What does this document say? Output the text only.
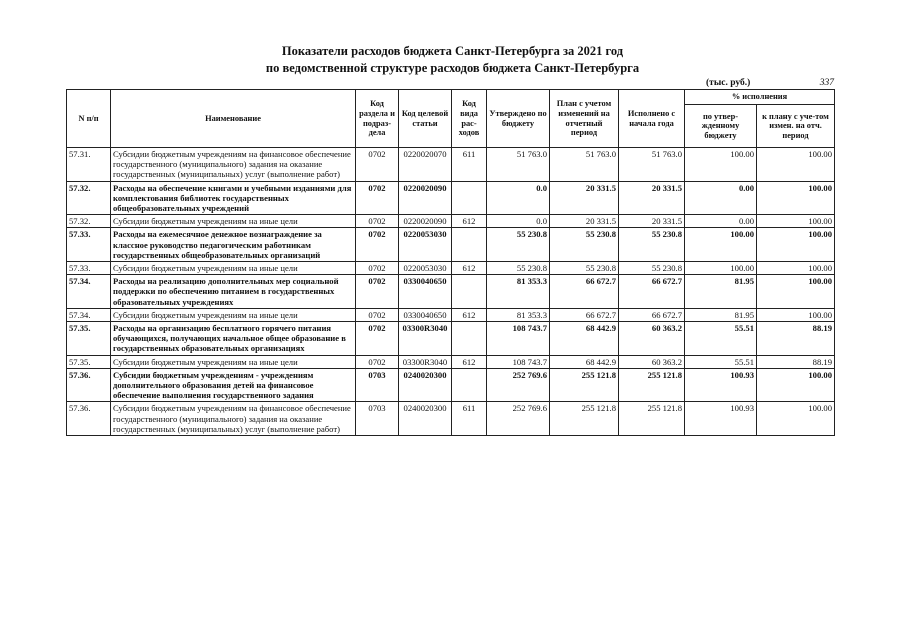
Показатели расходов бюджета Санкт-Петербурга за 2021 год
по ведомственной структуре расходов бюджета Санкт-Петербурга
(тыс. руб.)	337
N п/п	Наименование	Код раздела и подраз-дела	Код целевой статьи	Код вида рас-ходов	Утверждено по бюджету	План с учетом изменений на отчетный период	Исполнено с начала года	% исполнения	
								по утвер-жденному бюджету	к плану с уче-том измен. на отч. период
57.31.	Субсидии бюджетным учреждениям на финансовое обеспечение государственного (муниципального) задания на оказание государственных (муниципальных) услуг (выполнение работ)	0702	0220020070	611	51 763.0	51 763.0	51 763.0	100.00	100.00
57.32.	Расходы на обеспечение книгами и учебными изданиями для комплектования библиотек государственных общеобразовательных учреждений	0702	0220020090		0.0	20 331.5	20 331.5	0.00	100.00
57.32.	Субсидии бюджетным учреждениям на иные цели	0702	0220020090	612	0.0	20 331.5	20 331.5	0.00	100.00
57.33.	Расходы на ежемесячное денежное вознаграждение за классное руководство педагогическим работникам государственных общеобразовательных организаций	0702	0220053030		55 230.8	55 230.8	55 230.8	100.00	100.00
57.33.	Субсидии бюджетным учреждениям на иные цели	0702	0220053030	612	55 230.8	55 230.8	55 230.8	100.00	100.00
57.34.	Расходы на реализацию дополнительных мер социальной поддержки по обеспечению питанием в государственных образовательных учреждениях	0702	0330040650		81 353.3	66 672.7	66 672.7	81.95	100.00
57.34.	Субсидии бюджетным учреждениям на иные цели	0702	0330040650	612	81 353.3	66 672.7	66 672.7	81.95	100.00
57.35.	Расходы на организацию бесплатного горячего питания обучающихся, получающих начальное общее образование в государственных образовательных организациях	0702	03300R3040		108 743.7	68 442.9	60 363.2	55.51	88.19
57.35.	Субсидии бюджетным учреждениям на иные цели	0702	03300R3040	612	108 743.7	68 442.9	60 363.2	55.51	88.19
57.36.	Субсидии бюджетным учреждениям - учреждениям дополнительного образования детей на финансовое обеспечение выполнения государственного задания	0703	0240020300		252 769.6	255 121.8	255 121.8	100.93	100.00
57.36.	Субсидии бюджетным учреждениям на финансовое обеспечение государственного (муниципального) задания на оказание государственных (муниципальных) услуг (выполнение работ)	0703	0240020300	611	252 769.6	255 121.8	255 121.8	100.93	100.00
